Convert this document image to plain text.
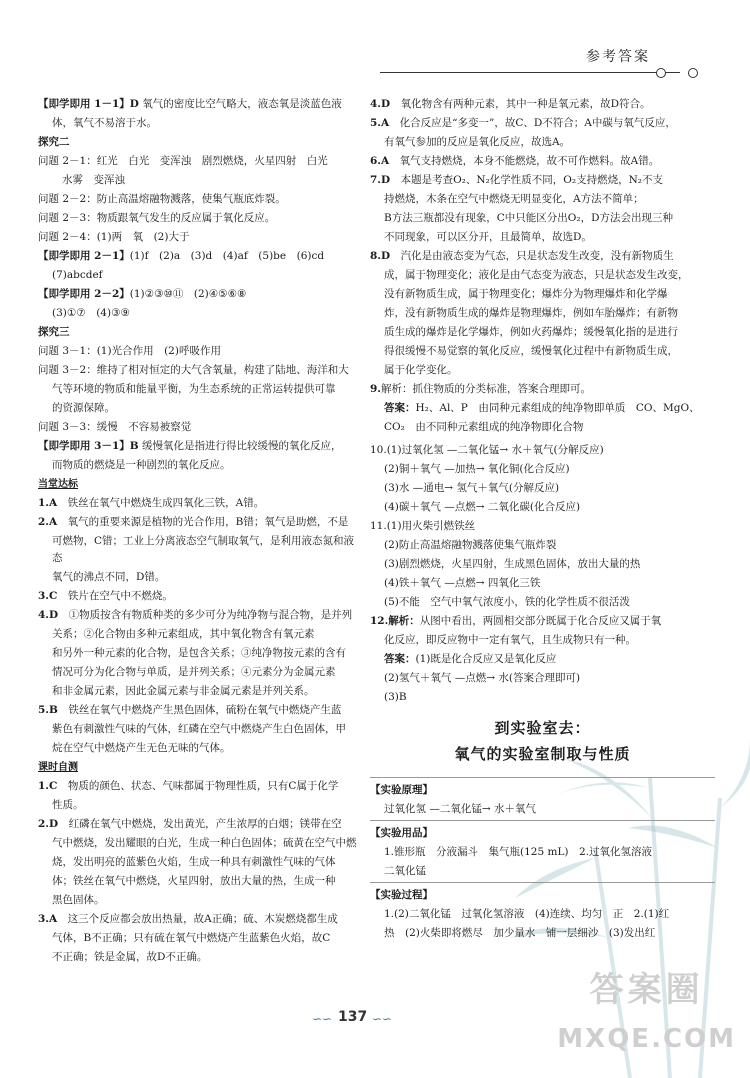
参考答案

【即学即用 1－1】D 氧气的密度比空气略大，液态氧是淡蓝色液

体，氧气不易溶于水。

探究二

问题 2－1：红光　白光　变浑浊　剧烈燃烧，火星四射　白光

水雾　变浑浊

问题 2－2：防止高温熔融物溅落，使集气瓶底炸裂。

问题 2－3：物质跟氧气发生的反应属于氧化反应。

问题 2－4：(1)两　氧　(2)大于

【即学即用 2－1】(1)f　(2)a　(3)d　(4)af　(5)be　(6)cd

(7)abcdef

【即学即用 2－2】(1)②③⑩⑪　(2)④⑤⑥⑧

(3)①⑦　(4)③⑨

探究三

问题 3－1：(1)光合作用　(2)呼吸作用

问题 3－2：维持了相对恒定的大气含氧量，构建了陆地、海洋和大

气等环境的物质和能量平衡，为生态系统的正常运转提供可靠

的资源保障。

问题 3－3：缓慢　不容易被察觉

【即学即用 3－1】B 缓慢氧化是指进行得比较缓慢的氧化反应，

而物质的燃烧是一种剧烈的氧化反应。

当堂达标

1.A　 铁丝在氧气中燃烧生成四氧化三铁，A错。

2.A　 氧气的重要来源是植物的光合作用，B错；氧气是助燃，不是

可燃物，C错；工业上分离液态空气制取氧气，是利用液态氮和液态

氧气的沸点不同，D错。

3.C　 铁片在空气中不燃烧。

4.D　 ①物质按含有物质种类的多少可分为纯净物与混合物，是并列

关系；②化合物由多种元素组成，其中氧化物含有氧元素

和另外一种元素的化合物，是包含关系；③纯净物按元素的含有

情况可分为化合物与单质，是并列关系；④元素分为金属元素

和非金属元素，因此金属元素与非金属元素是并列关系。

5.B　 铁丝在氧气中燃烧产生黑色固体，硫粉在氧气中燃烧产生蓝

紫色有刺激性气味的气体，红磷在空气中燃烧产生白色固体，甲

烷在空气中燃烧产生无色无味的气体。

课时自测

1.C　 物质的颜色、状态、气味都属于物理性质，只有C属于化学

性质。

2.D　 红磷在氧气中燃烧，发出黄光，产生浓厚的白烟；镁带在空

气中燃烧，发出耀眼的白光，生成一种白色固体；硫黄在空气中燃

烧，发出明亮的蓝紫色火焰，生成一种具有刺激性气味的气体

体；铁丝在氧气中燃烧，火星四射，放出大量的热，生成一种

黑色固体。

3.A　 这三个反应都会放出热量，故A正确；硫、木炭燃烧都生成

气体，B不正确；只有硫在氧气中燃烧产生蓝紫色火焰，故C

不正确；铁是金属，故D不正确。

4.D　 氧化物含有两种元素，其中一种是氧元素，故D符合。

5.A　 化合反应是“多变一”，故C、D不符合；A中碳与氧气反应，

有氧气参加的反应是氧化反应，故选A。

6.A　 氧气支持燃烧，本身不能燃烧，故不可作燃料。故A错。

7.D　 本题是考查O₂、N₂化学性质不同，O₂支持燃烧，N₂不支

持燃烧，木条在空气中燃烧无明显变化，A方法不简单；

B方法三瓶都没有现象，C中只能区分出O₂，D方法会出现三种

不同现象，可以区分开，且最简单，故选D。

8.D　 汽化是由液态变为气态，只是状态发生改变，没有新物质生

成，属于物理变化；液化是由气态变为液态，只是状态发生改变，

没有新物质生成，属于物理变化；爆炸分为物理爆炸和化学爆

炸，没有新物质生成的爆炸是物理爆炸，例如车胎爆炸；有新物

质生成的爆炸是化学爆炸，例如火药爆炸；缓慢氧化指的是进行

得很缓慢不易觉察的氧化反应，缓慢氧化过程中有新物质生成，

属于化学变化。

9.解析：抓住物质的分类标准，答案合理即可。

答案：H₂、Al、P　由同种元素组成的纯净物即单质　CO、MgO、

CO₂　由不同种元素组成的纯净物即化合物

10.(1)过氧化氢 —二氧化锰→ 水＋氧气(分解反应)

(2)铜＋氧气 —加热→ 氧化铜(化合反应)

(3)水 —通电→ 氢气＋氧气(分解反应)

(4)碳＋氧气 —点燃→ 二氧化碳(化合反应)

11.(1)用火柴引燃铁丝

(2)防止高温熔融物溅落使集气瓶炸裂

(3)剧烈燃烧，火星四射，生成黑色固体，放出大量的热

(4)铁＋氧气 —点燃→ 四氧化三铁

(5)不能　空气中氧气浓度小，铁的化学性质不很活泼

12.解析：从图中看出，两圆相交部分既属于化合反应又属于氧

化反应，即反应物中一定有氧气，且生成物只有一种。

答案：(1)既是化合反应又是氧化反应

(2)氢气＋氧气 —点燃→ 水(答案合理即可)

(3)B

到实验室去：
氧气的实验室制取与性质

【实验原理】

过氧化氢 —二氧化锰→ 水＋氧气

【实验用品】

1.锥形瓶　分液漏斗　集气瓶(125 mL)　2.过氧化氢溶液

二氧化锰

【实验过程】

1.(2)二氧化锰　过氧化氢溶液　(4)连续、均匀　正　2.(1)红

热　(2)火柴即将燃尽　加少量水　铺一层细沙　(3)发出红

∽∽ 137 ∽∽
答案圈
MXQE.COM
